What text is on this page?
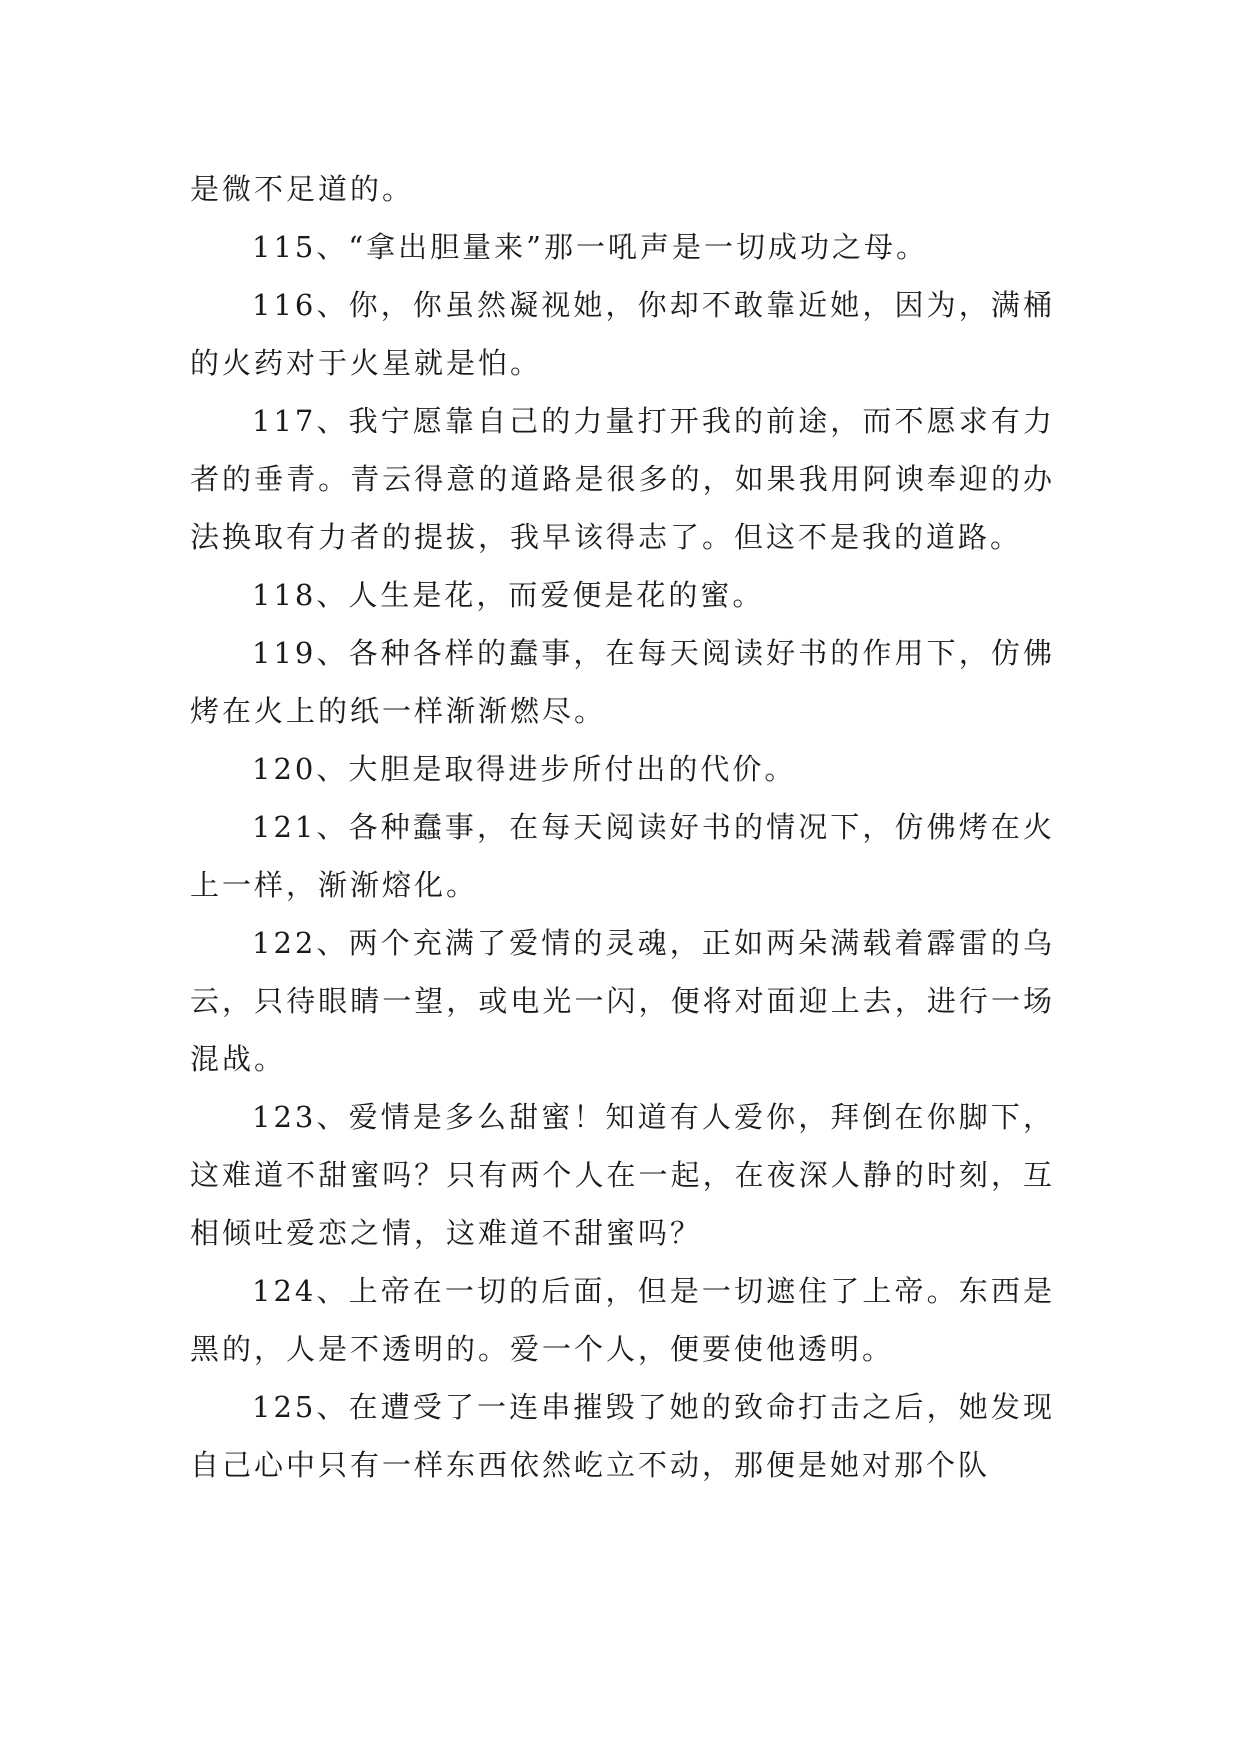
是微不足道的。

115、“拿出胆量来”那一吼声是一切成功之母。

116、你，你虽然凝视她，你却不敢靠近她，因为，满桶的火药对于火星就是怕。

117、我宁愿靠自己的力量打开我的前途，而不愿求有力者的垂青。青云得意的道路是很多的，如果我用阿谀奉迎的办法换取有力者的提拔，我早该得志了。但这不是我的道路。

118、人生是花，而爱便是花的蜜。

119、各种各样的蠢事，在每天阅读好书的作用下，仿佛烤在火上的纸一样渐渐燃尽。

120、大胆是取得进步所付出的代价。

121、各种蠢事，在每天阅读好书的情况下，仿佛烤在火上一样，渐渐熔化。

122、两个充满了爱情的灵魂，正如两朵满载着霹雷的乌云，只待眼睛一望，或电光一闪，便将对面迎上去，进行一场混战。

123、爱情是多么甜蜜！知道有人爱你，拜倒在你脚下，这难道不甜蜜吗？只有两个人在一起，在夜深人静的时刻，互相倾吐爱恋之情，这难道不甜蜜吗？

124、上帝在一切的后面，但是一切遮住了上帝。东西是黑的，人是不透明的。爱一个人，便要使他透明。

125、在遭受了一连串摧毁了她的致命打击之后，她发现自己心中只有一样东西依然屹立不动，那便是她对那个队
